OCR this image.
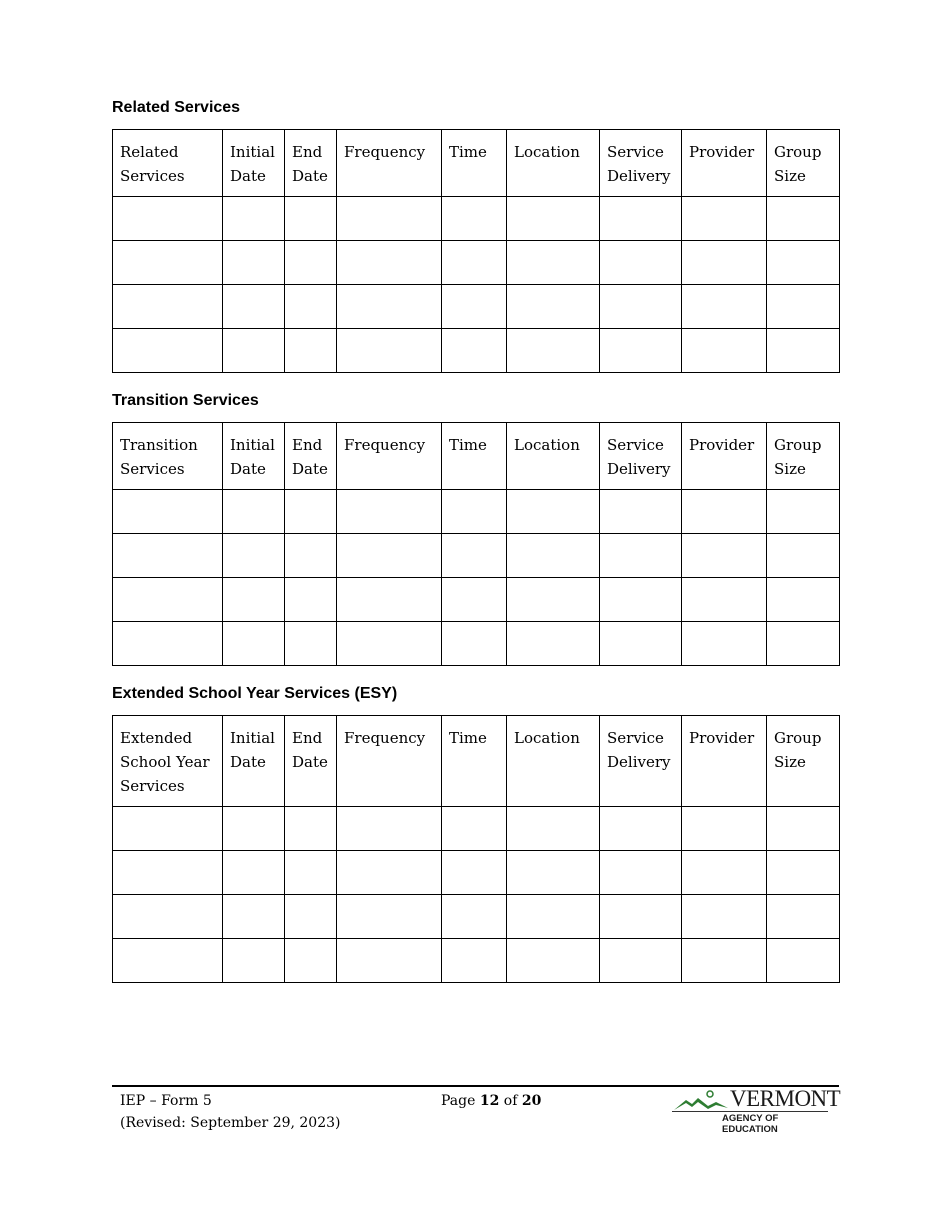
Related Services
Related Services	Initial Date	End Date	Frequency	Time	Location	Service Delivery	Provider	Group Size

Transition Services
Transition Services	Initial Date	End Date	Frequency	Time	Location	Service Delivery	Provider	Group Size

Extended School Year Services (ESY)
Extended School Year Services	Initial Date	End Date	Frequency	Time	Location	Service Delivery	Provider	Group Size

IEP – Form 5
(Revised: September 29, 2023)
Page 12 of 20	VERMONT
AGENCY OF EDUCATION
